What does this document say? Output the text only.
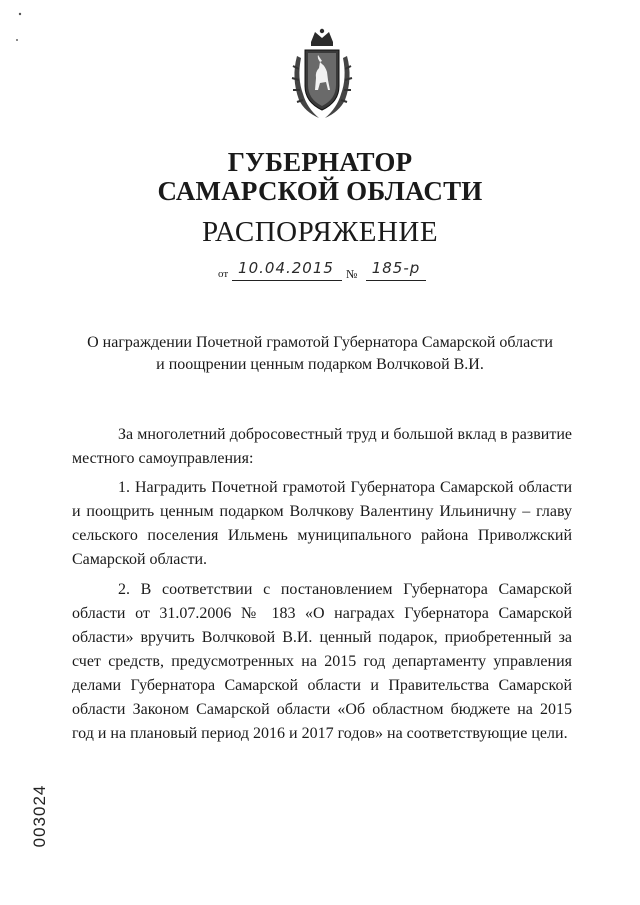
ГУБЕРНАТОР
САМАРСКОЙ ОБЛАСТИ
РАСПОРЯЖЕНИЕ
от 10.04.2015	№ 185-р
О награждении Почетной грамотой Губернатора Самарской области
и поощрении ценным подарком Волчковой В.И.

За многолетний добросовестный труд и большой вклад в развитие местного самоуправления:

1. Наградить Почетной грамотой Губернатора Самарской области и поощрить ценным подарком Волчкову Валентину Ильиничну – главу сельского поселения Ильмень муниципального района Приволжский Самарской области.

2. В соответствии с постановлением Губернатора Самарской области от 31.07.2006 № 183 «О наградах Губернатора Самарской области» вручить Волчковой В.И. ценный подарок, приобретенный за счет средств, предусмотренных на 2015 год департаменту управления делами Губернатора Самарской области и Правительства Самарской области Законом Самарской области «Об областном бюджете на 2015 год и на плановый период 2016 и 2017 годов» на соответствующие цели.

003024
